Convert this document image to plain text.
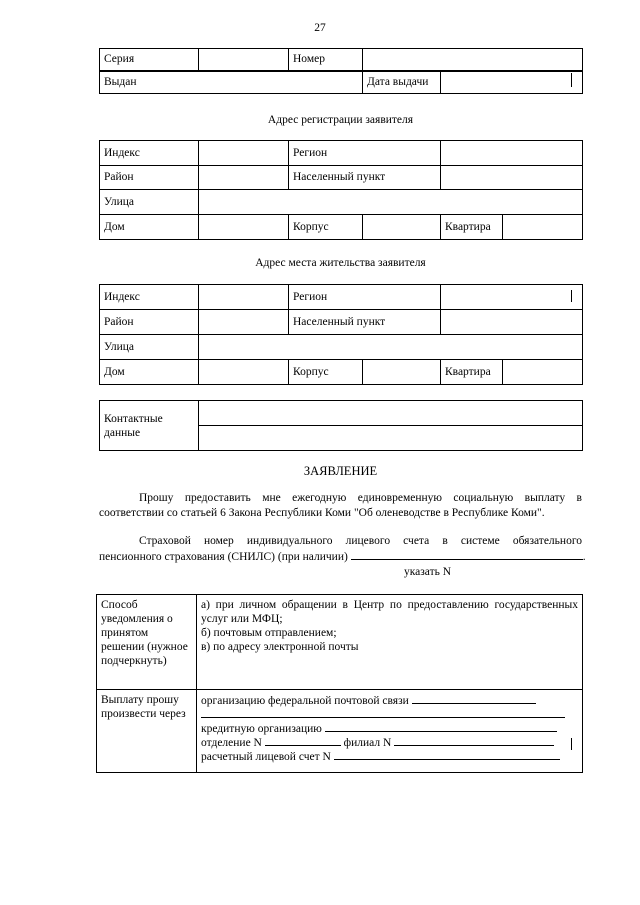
27
Серия		Номер	
Выдан	Дата выдачи	
Адрес регистрации заявителя
Индекс		Регион			
Район		Населенный пункт			
Улица					
Дом		Корпус		Квартира	
Адрес места жительства заявителя
Индекс		Регион			
Район		Населенный пункт			
Улица					
Дом		Корпус		Квартира	
Контактные данные	

ЗАЯВЛЕНИЕ
Прошу предоставить мне ежегодную единовременную социальную выплату в соответствии со статьей 6 Закона Республики Коми "Об оленеводстве в Республике Коми".
Страховой номер индивидуального лицевого счета в системе обязательного
пенсионного страхования (СНИЛС) (при наличии)	.
указать N
Способ уведомления о принятом решении (нужное подчеркнуть)	а) при личном обращении в Центр по предоставлению государственных услуг или МФЦ;
б) почтовым отправлением;
в) по адресу электронной почты

Выплату прошу произвести через	организацию федеральной почтовой связи
кредитную организацию
отделение N филиал N
расчетный лицевой счет N
